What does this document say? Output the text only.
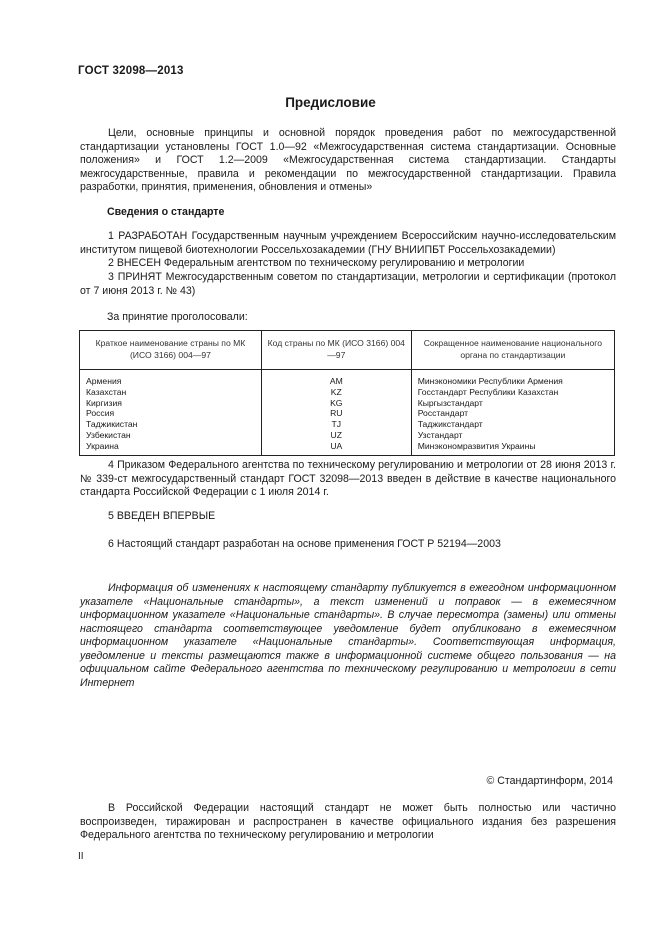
ГОСТ 32098—2013
Предисловие

Цели, основные принципы и основной порядок проведения работ по межгосударственной стандартизации установлены ГОСТ 1.0—92 «Межгосударственная система стандартизации. Основные положения» и ГОСТ 1.2—2009 «Межгосударственная система стандартизации. Стандарты межгосударственные, правила и рекомендации по межгосударственной стандартизации. Правила разработки, принятия, применения, обновления и отмены»

Сведения о стандарте
1 РАЗРАБОТАН Государственным научным учреждением Всероссийским научно-исследовательским институтом пищевой биотехнологии Россельхозакадемии (ГНУ ВНИИПБТ Россельхозакадемии)
2 ВНЕСЕН Федеральным агентством по техническому регулированию и метрологии
3 ПРИНЯТ Межгосударственным советом по стандартизации, метрологии и сертификации (протокол от 7 июня 2013 г. № 43)
За принятие проголосовали:
Краткое наименование страны по МК (ИСО 3166) 004—97	Код страны по МК (ИСО 3166) 004—97	Сокращенное наименование национального органа по стандартизации
Армения	AM	Минэкономики Республики Армения
Казахстан	KZ	Госстандарт Республики Казахстан
Киргизия	KG	Кыргызстандарт
Россия	RU	Росстандарт
Таджикистан	TJ	Таджикстандарт
Узбекистан	UZ	Узстандарт
Украина	UA	Минэкономразвития Украины
4 Приказом Федерального агентства по техническому регулированию и метрологии от 28 июня 2013 г. № 339-ст межгосударственный стандарт ГОСТ 32098—2013 введен в действие в качестве национального стандарта Российской Федерации с 1 июля 2014 г.
5 ВВЕДЕН ВПЕРВЫЕ
6 Настоящий стандарт разработан на основе применения ГОСТ Р 52194—2003

Информация об изменениях к настоящему стандарту публикуется в ежегодном информационном указателе «Национальные стандарты», а текст изменений и поправок — в ежемесячном информационном указателе «Национальные стандарты». В случае пересмотра (замены) или отмены настоящего стандарта соответствующее уведомление будет опубликовано в ежемесячном информационном указателе «Национальные стандарты». Соответствующая информация, уведомление и тексты размещаются также в информационной системе общего пользования — на официальном сайте Федерального агентства по техническому регулированию и метрологии в сети Интернет

© Стандартинформ, 2014

В Российской Федерации настоящий стандарт не может быть полностью или частично воспроизведен, тиражирован и распространен в качестве официального издания без разрешения Федерального агентства по техническому регулированию и метрологии

II
